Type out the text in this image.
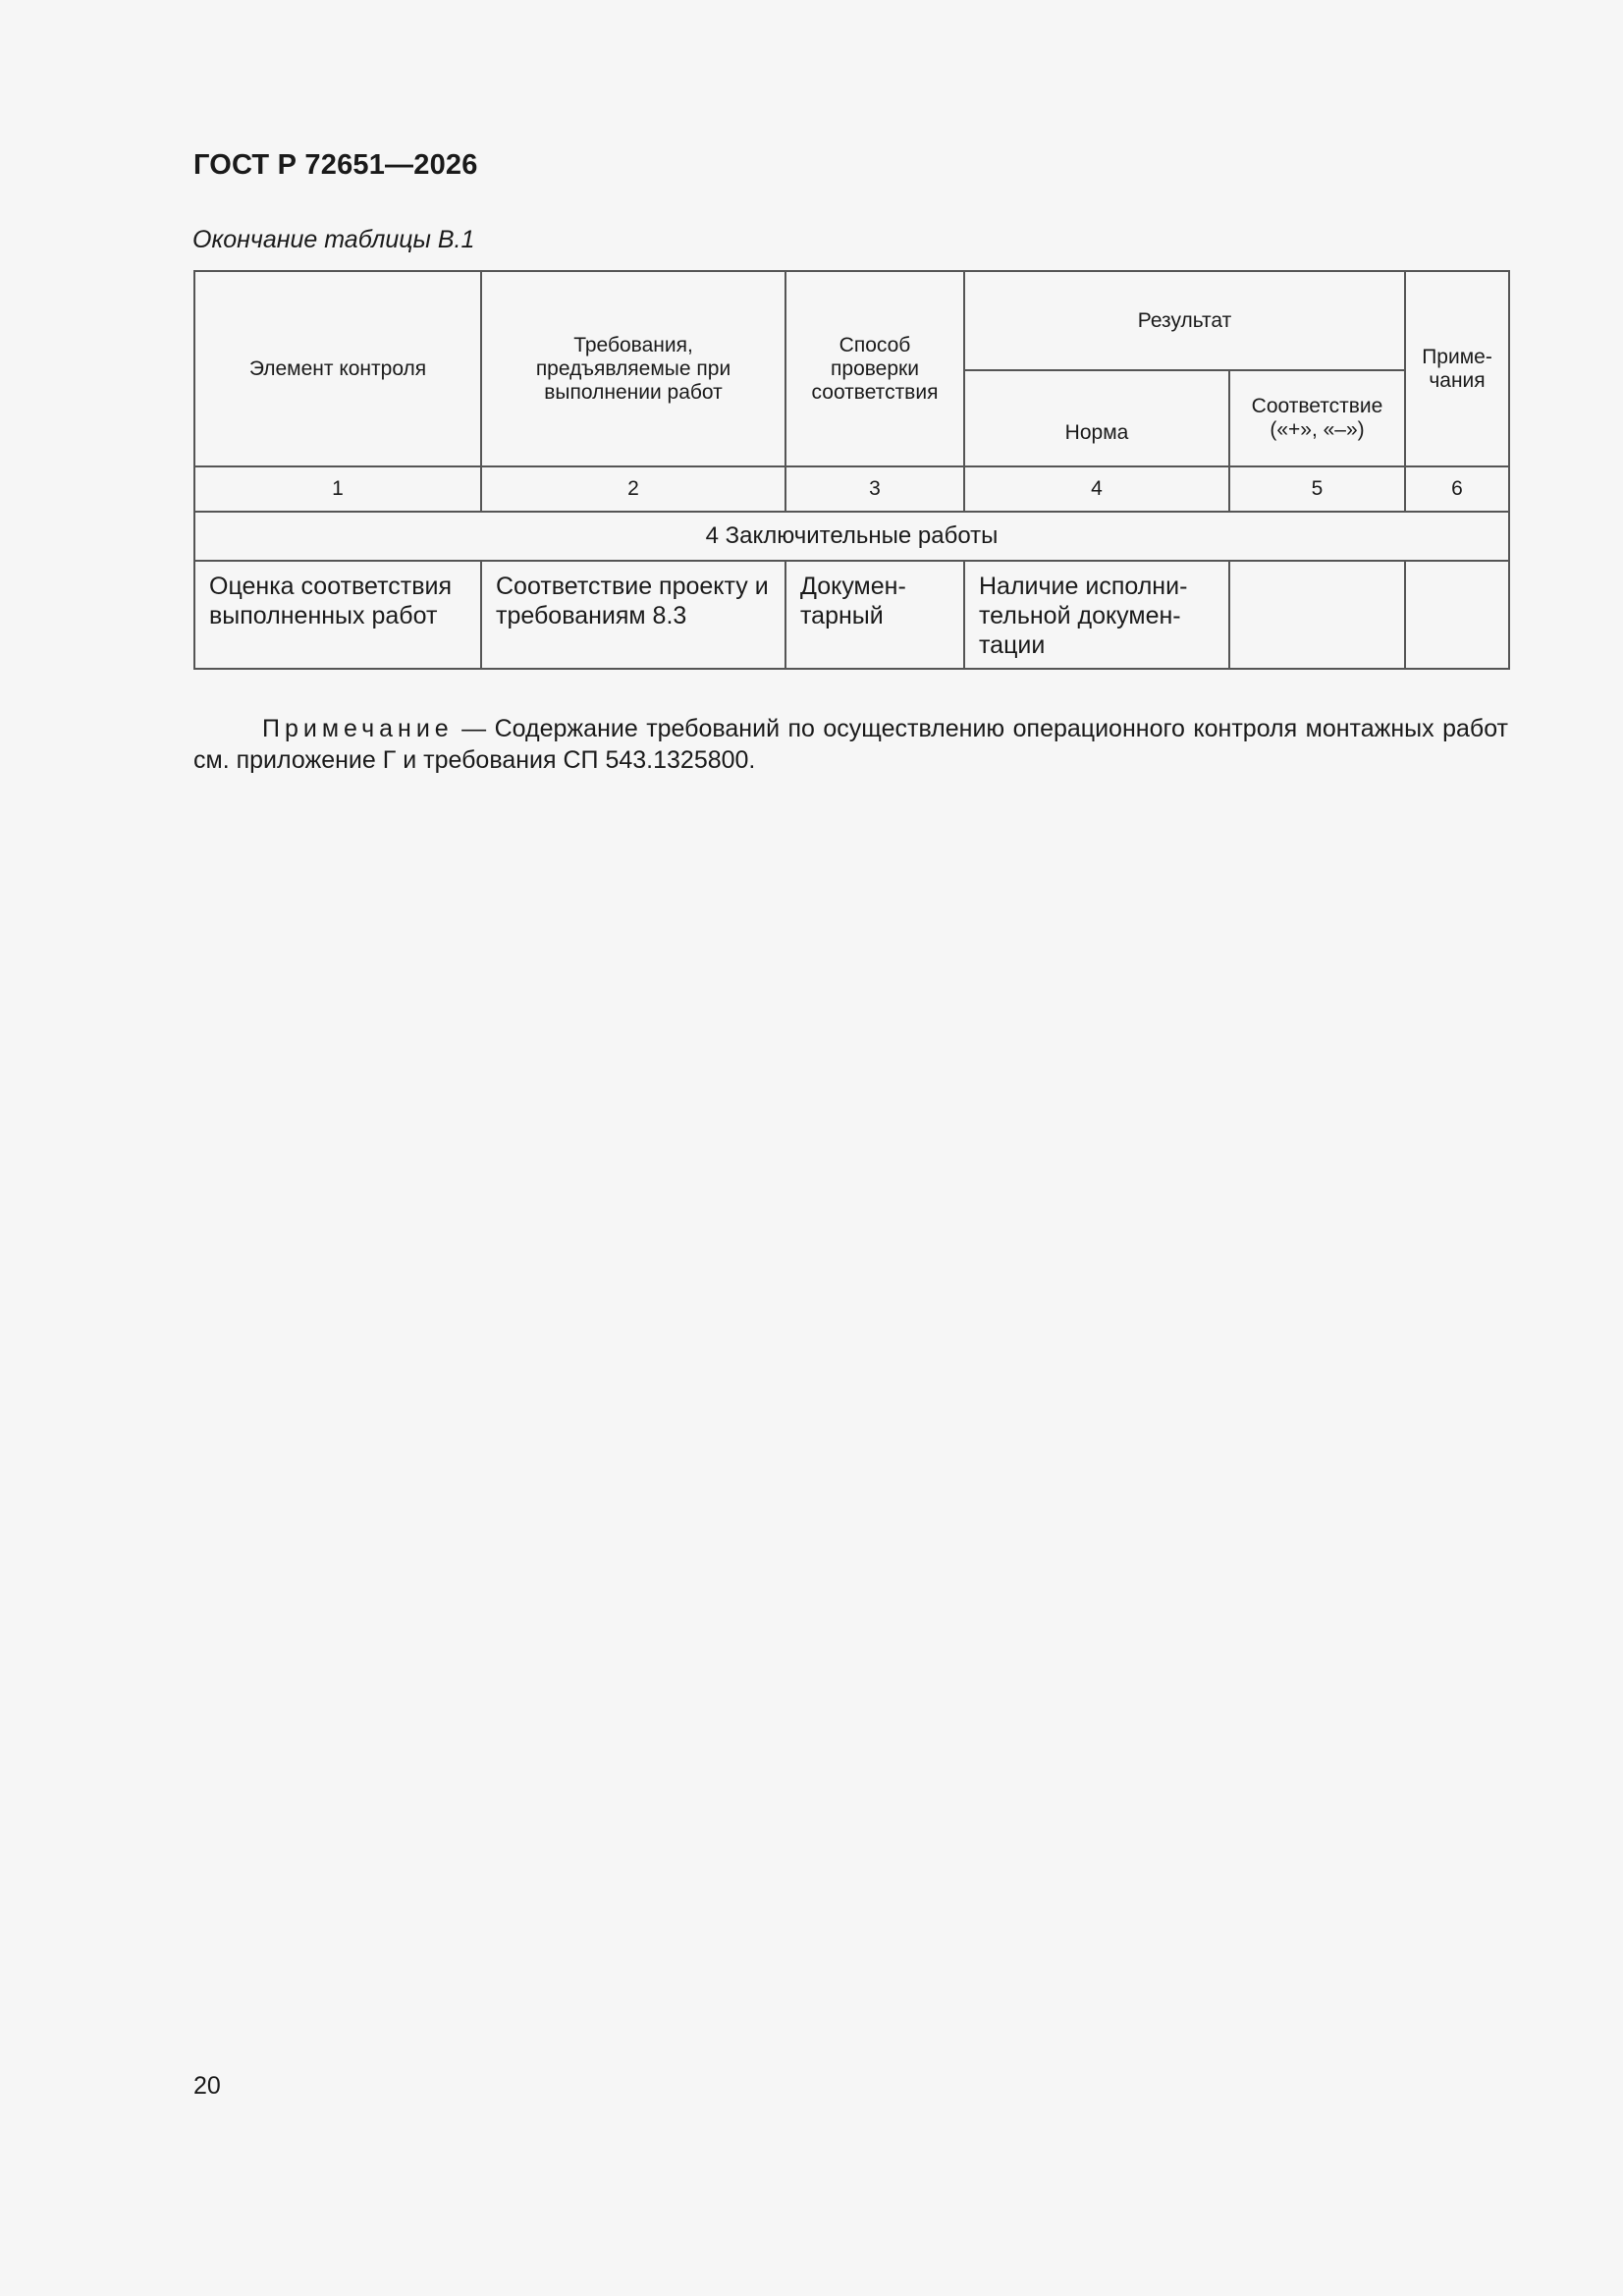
ГОСТ Р 72651—2026
Окончание таблицы В.1
Элемент контроля	Требования, предъявляемые при выполнении работ	Способ проверки соответствия	Результат		Приме-чания
			Норма	Соответствие («+», «–»)	
1	2	3	4	5	6
4 Заключительные работы					
Оценка соответствия выполненных работ	Соответствие проекту и требованиям 8.3	Докумен-тарный	Наличие исполни-тельной докумен-тации		
Примечание — Содержание требований по осуществлению операционного контроля монтажных работ см. приложение Г и требования СП 543.1325800.
20
